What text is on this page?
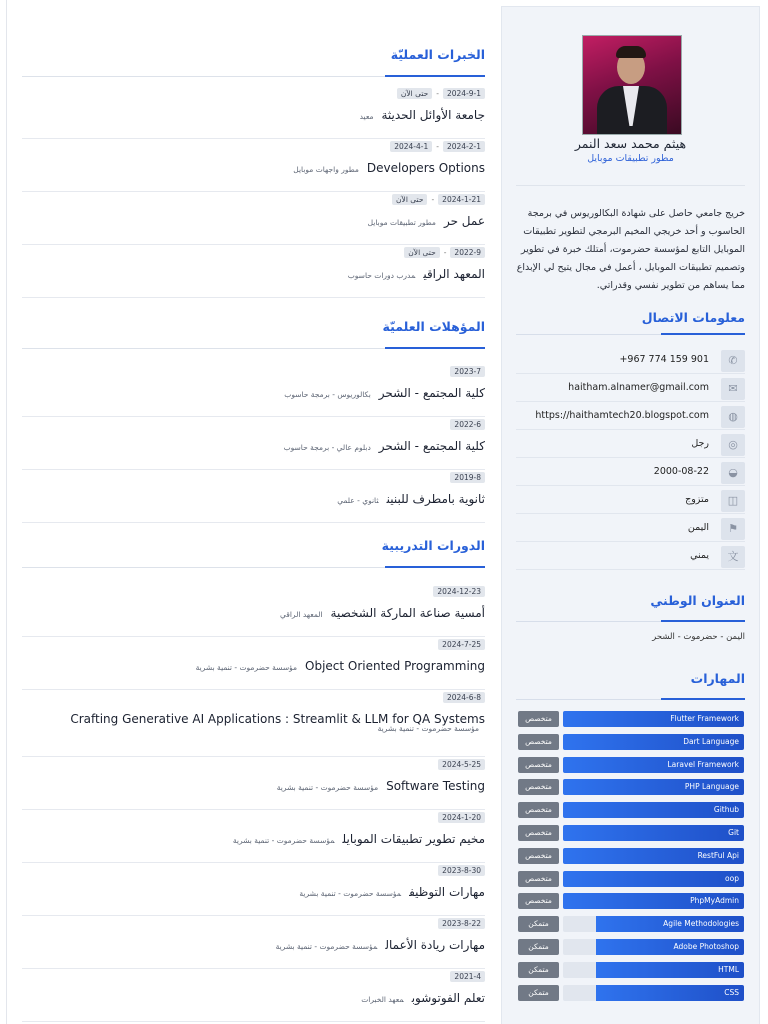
هيثم محمد سعد النمر
مطور تطبيقات موبايل
خريج جامعي حاصل على شهادة البكالوريوس في برمجة الحاسوب و أحد خريجي المخيم البرمجي لتطوير تطبيقات الموبايل التابع لمؤسسة حضرموت، أمتلك خبرة في تطوير وتصميم تطبيقات الموبايل ، أعمل في مجال يتيح لي الإبداع مما يساهم من تطوير نفسي وقدراتي.
معلومات الاتصال
✆
+967 774 159 901
✉
haitham.alnamer@gmail.com
◍
https://haithamtech20.blogspot.com
◎
رجل
◒
2000-08-22
◫
متزوج
⚑
اليمن
文
يمني
العنوان الوطني
اليمن - حضرموت - الشحر
المهارات
متخصص	Flutter Framework
متخصص	Dart Language
متخصص	Laravel Framework
متخصص	PHP Language
متخصص	Github
متخصص	Git
متخصص	RestFul Api
متخصص	oop
متخصص	PhpMyAdmin
متمكن	Agile Methodologies
متمكن	Adobe Photoshop
متمكن	HTML
متمكن	CSS
الخبرات العمليّة
حتى الآن - 2024-9-1
جامعة الأوائل الحديثةمعيد
2024-4-1 - 2024-2-1
Developers Optionsمطور واجهات موبايل
حتى الآن - 2024-1-21
عمل حرمطور تطبيقات موبايل
حتى الآن - 2022-9
المعهد الراقيمدرب دورات حاسوب
المؤهلات العلميّة
2023-7
كلية المجتمع - الشحربكالوريوس - برمجة حاسوب
2022-6
كلية المجتمع - الشحردبلوم عالي - برمجة حاسوب
2019-8
ثانوية بامطرف للبنينثانوي - علمي
الدورات التدريبية
2024-12-23
أمسية صناعة الماركة الشخصيةالمعهد الراقي
2024-7-25
Object Oriented Programmingمؤسسة حضرموت - تنمية بشرية
2024-6-8
Crafting Generative AI Applications : Streamlit & LLM for QA Systems
مؤسسة حضرموت - تنمية بشرية
2024-5-25
Software Testingمؤسسة حضرموت - تنمية بشرية
2024-1-20
مخيم تطوير تطبيقات الموبايلمؤسسة حضرموت - تنمية بشرية
2023-8-30
مهارات التوظيفمؤسسة حضرموت - تنمية بشرية
2023-8-22
مهارات ريادة الأعمالمؤسسة حضرموت - تنمية بشرية
2021-4
تعلم الفوتوشوبمعهد الخبرات
